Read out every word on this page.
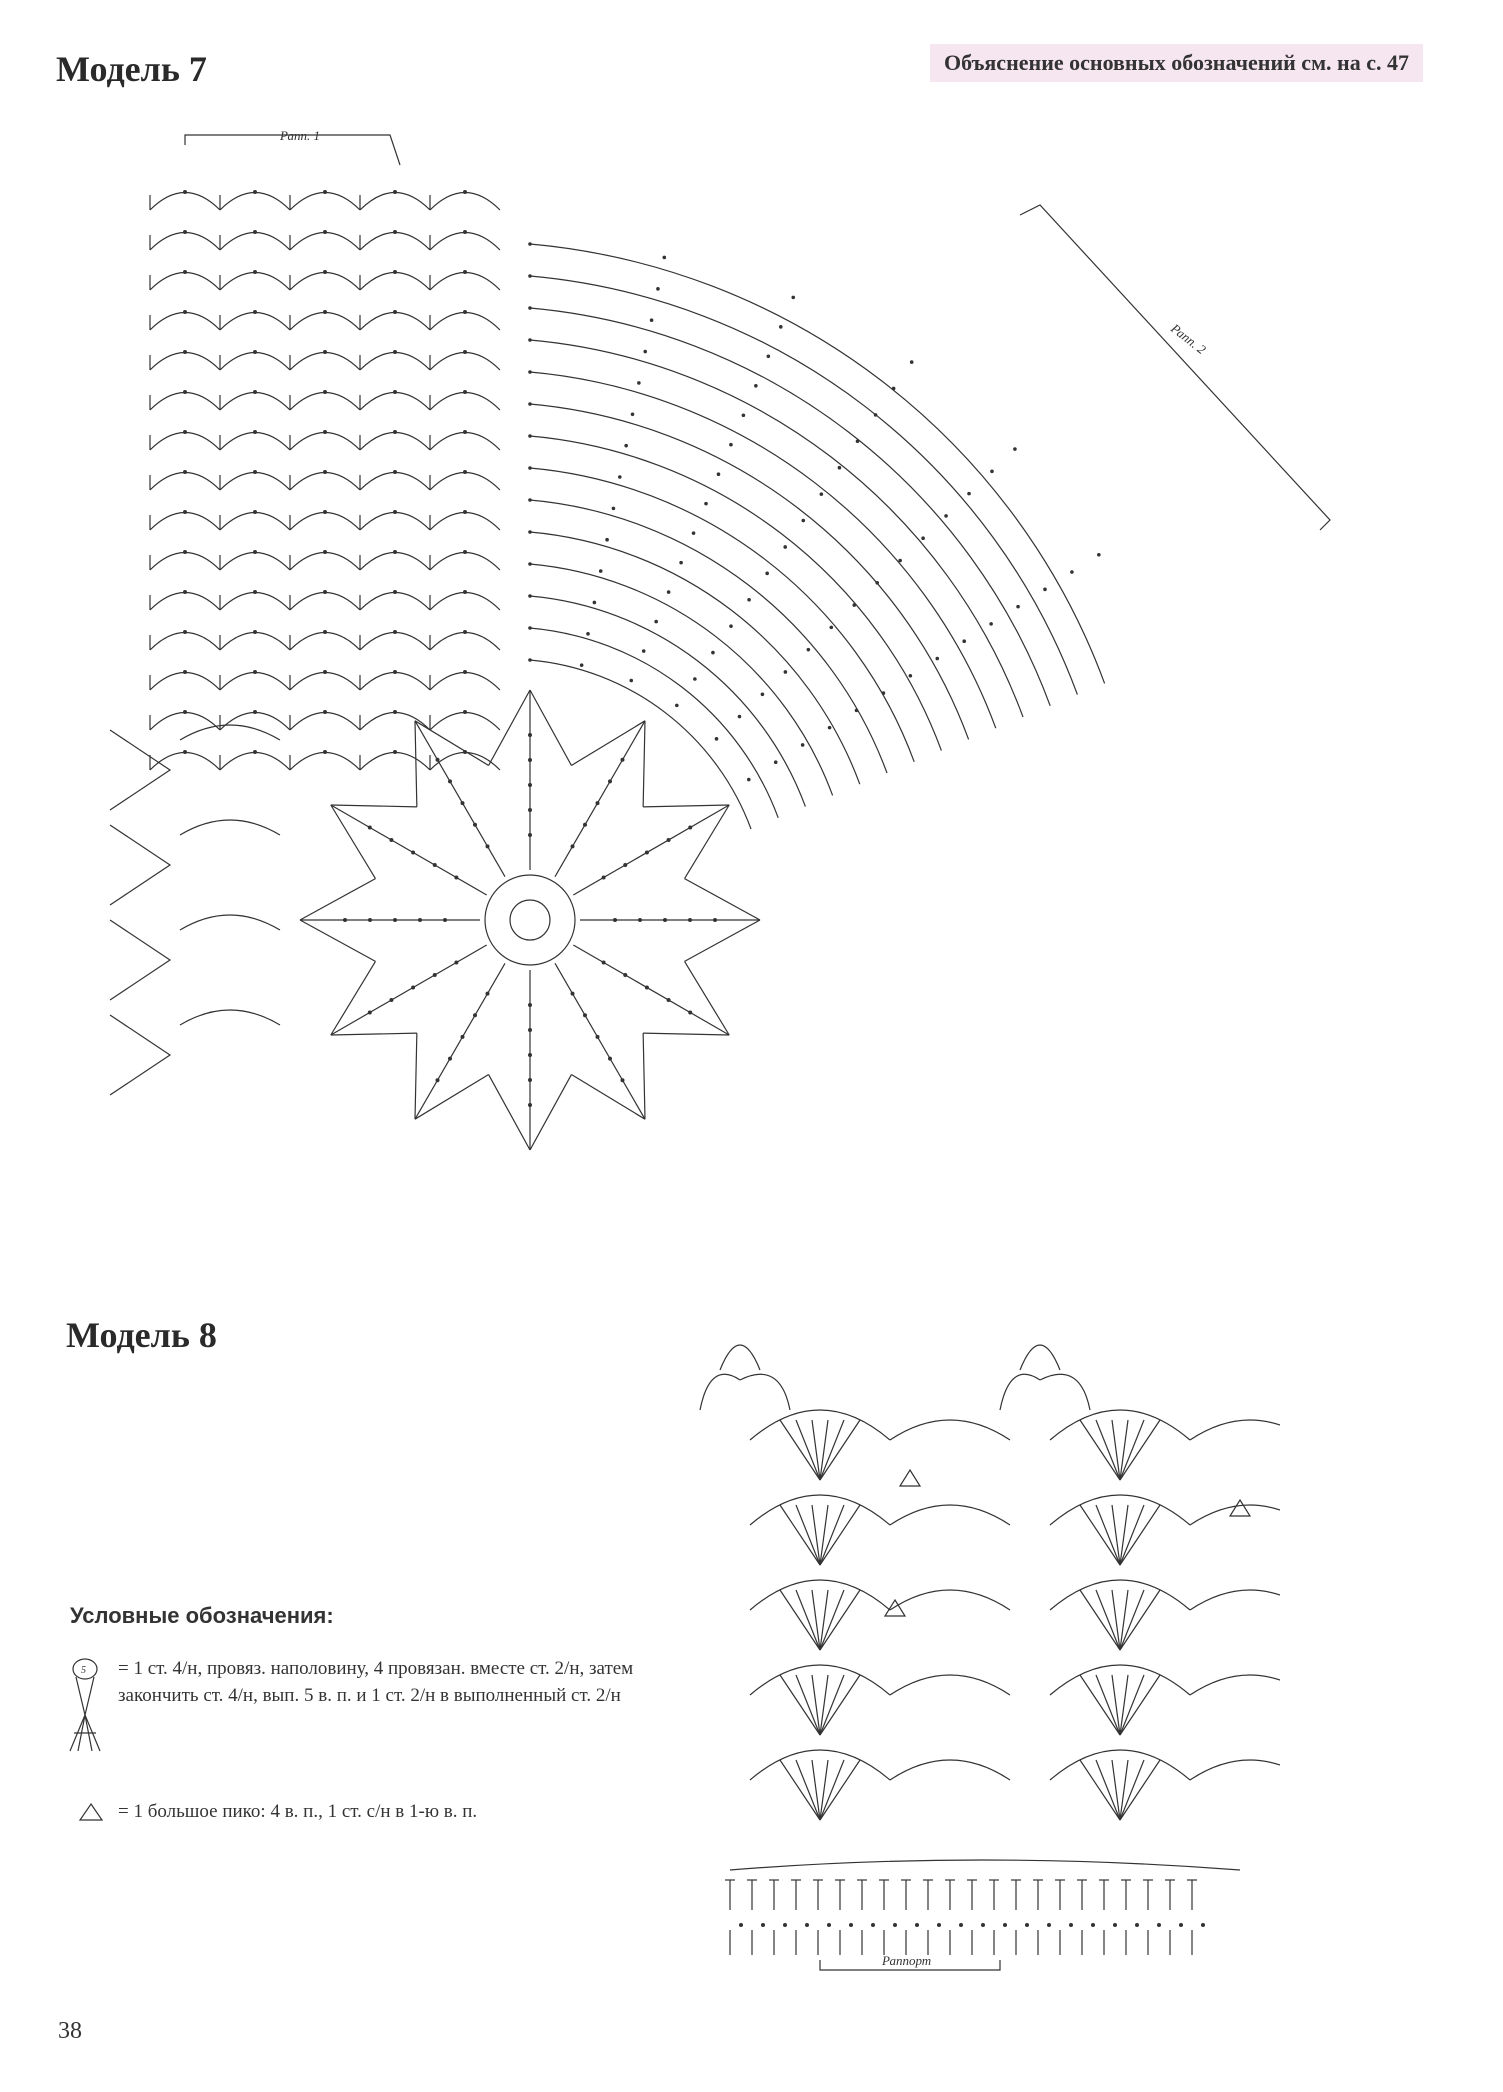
Модель 7	Объяснение основных обозначений см. на с. 47
Рапп. 1
Рапп. 2
Модель 8
Раппорт
Условные обозначения:
5 = 1 ст. 4/н, провяз. наполовину, 4 провязан. вместе ст. 2/н, затем закончить ст. 4/н, вып. 5 в. п. и 1 ст. 2/н в выполненный ст. 2/н
= 1 большое пико: 4 в. п., 1 ст. с/н в 1-ю в. п.
38
